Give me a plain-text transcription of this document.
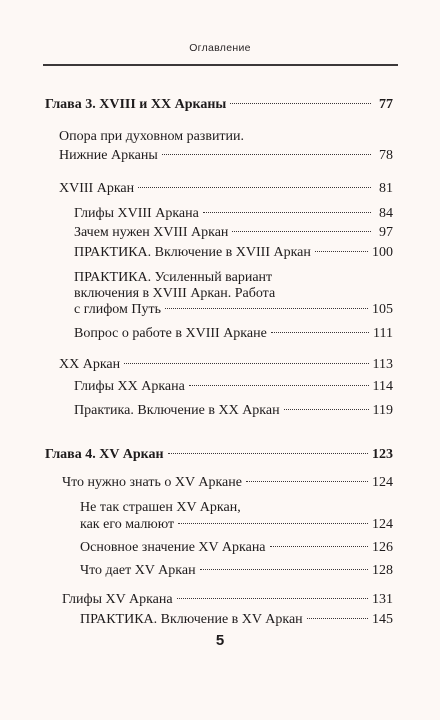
Оглавление
Глава 3. XVIII и XX Арканы	77
Опора при духовном развитии.
Нижние Арканы	78
XVIII Аркан	81
Глифы XVIII Аркана	84
Зачем нужен XVIII Аркан	97
ПРАКТИКА. Включение в XVIII Аркан	100
ПРАКТИКА. Усиленный вариант
включения в XVIII Аркан. Работа
с глифом Путь	105
Вопрос о работе в XVIII Аркане	111
XX Аркан	113
Глифы XX Аркана	114
Практика. Включение в XX Аркан	119
Глава 4. XV Аркан	123
Что нужно знать о XV Аркане	124
Не так страшен XV Аркан,
как его малюют	124
Основное значение XV Аркана	126
Что дает XV Аркан	128
Глифы XV Аркана	131
ПРАКТИКА. Включение в XV Аркан	145
5
